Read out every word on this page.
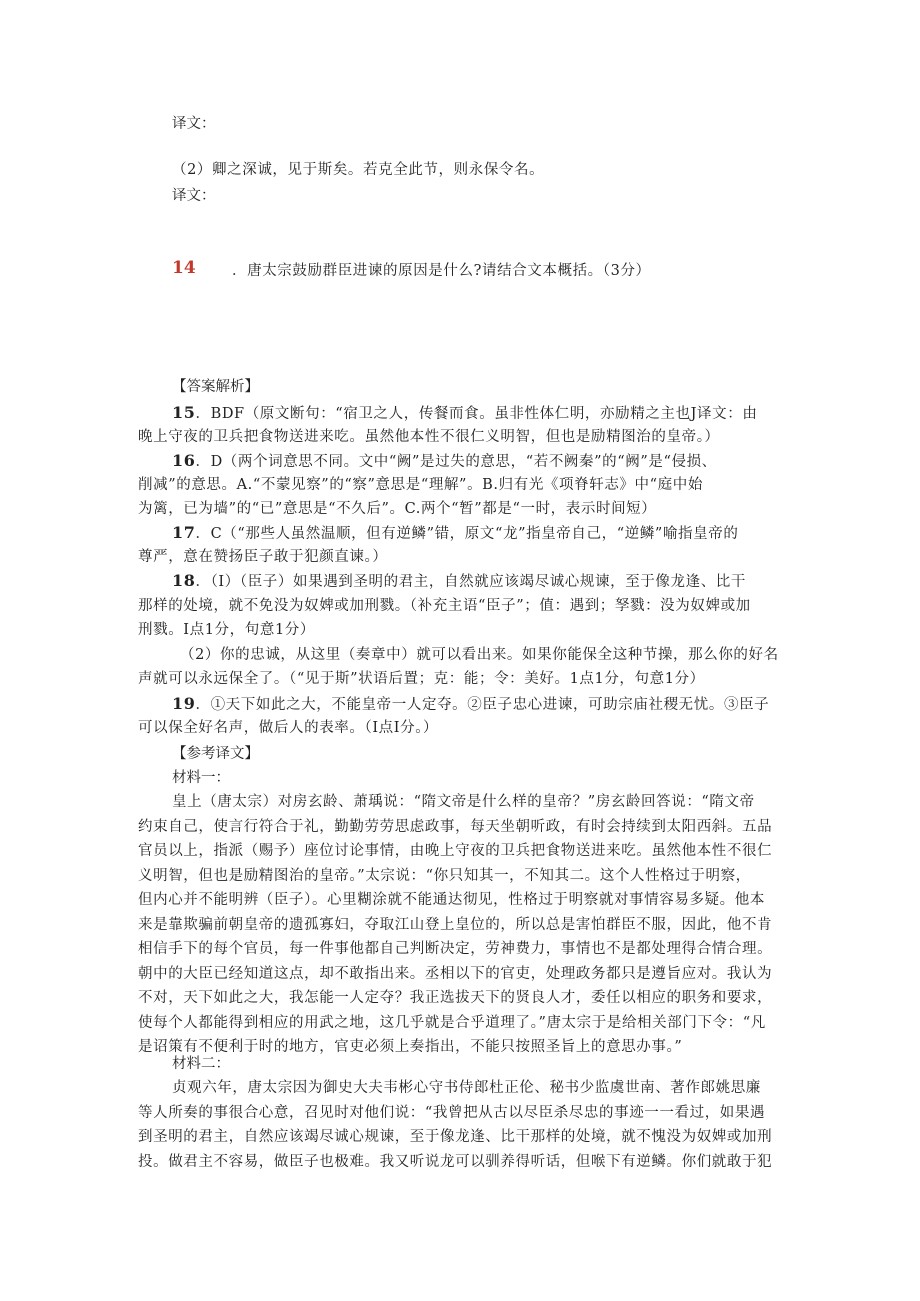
译文：
（2）卿之深诚，见于斯矣。若克全此节，则永保令名。
译文：
14	．唐太宗鼓励群臣进谏的原因是什么?请结合文本概括。（3分）
【答案解析】
15．BDF（原文断句：“宿卫之人，传餐而食。虽非性体仁明，亦励精之主也J译文：由
晚上守夜的卫兵把食物送进来吃。虽然他本性不很仁义明智，但也是励精图治的皇帝。）
16．D（两个词意思不同。文中“阙”是过失的意思，“若不阙秦”的“阙”是“侵损、
削减”的意思。A.“不蒙见察”的“察”意思是“理解”。B.归有光《项脊轩志》中“庭中始
为篱，已为墙”的“已”意思是“不久后”。C.两个“暂”都是“一时，表示时间短）
17．C（“那些人虽然温顺，但有逆鳞”错，原文“龙”指皇帝自己，“逆鳞”喻指皇帝的
尊严，意在赞扬臣子敢于犯颜直谏。）
18．（I）（臣子）如果遇到圣明的君主，自然就应该竭尽诚心规谏，至于像龙逢、比干
那样的处境，就不免没为奴婢或加刑戮。（补充主语“臣子”；值：遇到；孥戮：没为奴婢或加
刑戮。I点1分，句意1分）
（2）你的忠诚，从这里（奏章中）就可以看出来。如果你能保全这种节操，那么你的好名
声就可以永远保全了。（“见于斯”状语后置；克：能；令：美好。1点1分，句意1分）
19．①天下如此之大，不能皇帝一人定夺。②臣子忠心进谏，可助宗庙社稷无忧。③臣子
可以保全好名声，做后人的表率。（I点I分。）
【参考译文】
材料一：
皇上（唐太宗）对房玄龄、萧瑀说：“隋文帝是什么样的皇帝？”房玄龄回答说：“隋文帝
约束自己，使言行符合于礼，勤勤劳劳思虑政事，每天坐朝听政，有时会持续到太阳西斜。五品
官员以上，指派（赐予）座位讨论事情，由晚上守夜的卫兵把食物送进来吃。虽然他本性不很仁
义明智，但也是励精图治的皇帝。”太宗说：“你只知其一，不知其二。这个人性格过于明察，
但内心并不能明辨（臣子）。心里糊涂就不能通达彻见，性格过于明察就对事情容易多疑。他本
来是靠欺骗前朝皇帝的遗孤寡妇，夺取江山登上皇位的，所以总是害怕群臣不服，因此，他不肯
相信手下的每个官员，每一件事他都自己判断决定，劳神费力，事情也不是都处理得合情合理。
朝中的大臣已经知道这点，却不敢指出来。丞相以下的官吏，处理政务都只是遵旨应对。我认为
不对，天下如此之大，我怎能一人定夺？我正选拔天下的贤良人才，委任以相应的职务和要求，
使每个人都能得到相应的用武之地，这几乎就是合乎道理了。”唐太宗于是给相关部门下令：“凡
是诏策有不便利于时的地方，官吏必须上奏指出，不能只按照圣旨上的意思办事。”
材料二：
贞观六年，唐太宗因为御史大夫韦彬心守书侍郎杜正伦、秘书少监虞世南、著作郎姚思廉
等人所奏的事很合心意，召见时对他们说：“我曾把从古以尽臣杀尽忠的事迹一一看过，如果遇
到圣明的君主，自然应该竭尽诚心规谏，至于像龙逢、比干那样的处境，就不愧没为奴婢或加刑
投。做君主不容易，做臣子也极难。我又听说龙可以驯养得听话，但喉下有逆鳞。你们就敢于犯
